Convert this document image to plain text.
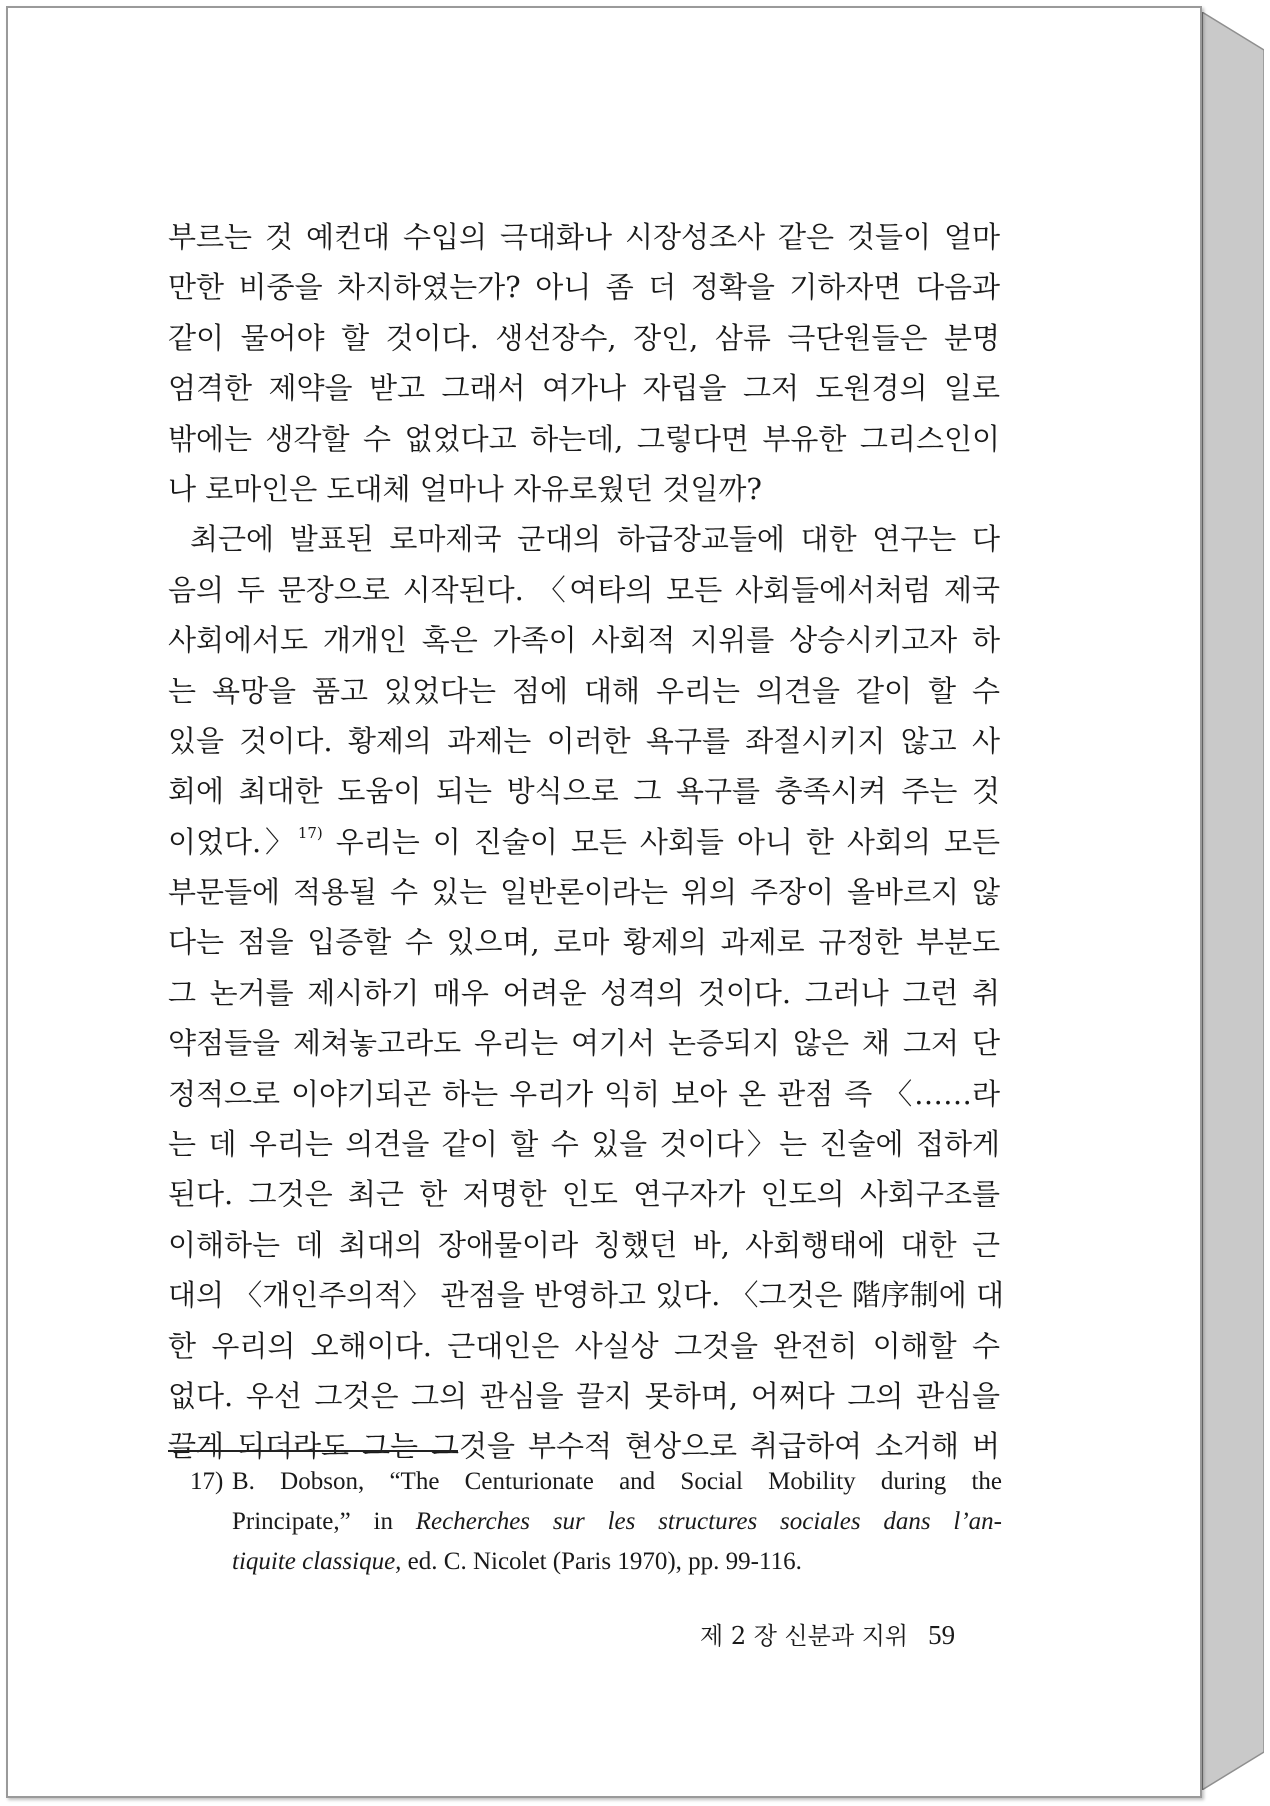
부르는 것 예컨대 수입의 극대화나 시장성조사 같은 것들이 얼마
만한 비중을 차지하였는가? 아니 좀 더 정확을 기하자면 다음과
같이 물어야 할 것이다. 생선장수, 장인, 삼류 극단원들은 분명
엄격한 제약을 받고 그래서 여가나 자립을 그저 도원경의 일로
밖에는 생각할 수 없었다고 하는데, 그렇다면 부유한 그리스인이
나 로마인은 도대체 얼마나 자유로웠던 것일까?
최근에 발표된 로마제국 군대의 하급장교들에 대한 연구는 다
음의 두 문장으로 시작된다. 〈여타의 모든 사회들에서처럼 제국
사회에서도 개개인 혹은 가족이 사회적 지위를 상승시키고자 하
는 욕망을 품고 있었다는 점에 대해 우리는 의견을 같이 할 수
있을 것이다. 황제의 과제는 이러한 욕구를 좌절시키지 않고 사
회에 최대한 도움이 되는 방식으로 그 욕구를 충족시켜 주는 것
이었다.〉$^{17)}$ 우리는 이 진술이 모든 사회들 아니 한 사회의 모든
부문들에 적용될 수 있는 일반론이라는 위의 주장이 올바르지 않
다는 점을 입증할 수 있으며, 로마 황제의 과제로 규정한 부분도
그 논거를 제시하기 매우 어려운 성격의 것이다. 그러나 그런 취
약점들을 제쳐놓고라도 우리는 여기서 논증되지 않은 채 그저 단
정적으로 이야기되곤 하는 우리가 익히 보아 온 관점 즉 〈……라
는 데 우리는 의견을 같이 할 수 있을 것이다〉는 진술에 접하게
된다. 그것은 최근 한 저명한 인도 연구자가 인도의 사회구조를
이해하는 데 최대의 장애물이라 칭했던 바, 사회행태에 대한 근
대의 〈개인주의적〉 관점을 반영하고 있다. 〈그것은 階序制에 대
한 우리의 오해이다. 근대인은 사실상 그것을 완전히 이해할 수
없다. 우선 그것은 그의 관심을 끌지 못하며, 어쩌다 그의 관심을
끌게 되더라도 그는 그것을 부수적 현상으로 취급하여 소거해 버
17) B. Dobson, “The Centurionate and Social Mobility during the
Principate,” in Recherches sur les structures sociales dans l’an-
tiquite classique, ed. C. Nicolet (Paris 1970), pp. 99-116.
제 2 장 신분과 지위 59
